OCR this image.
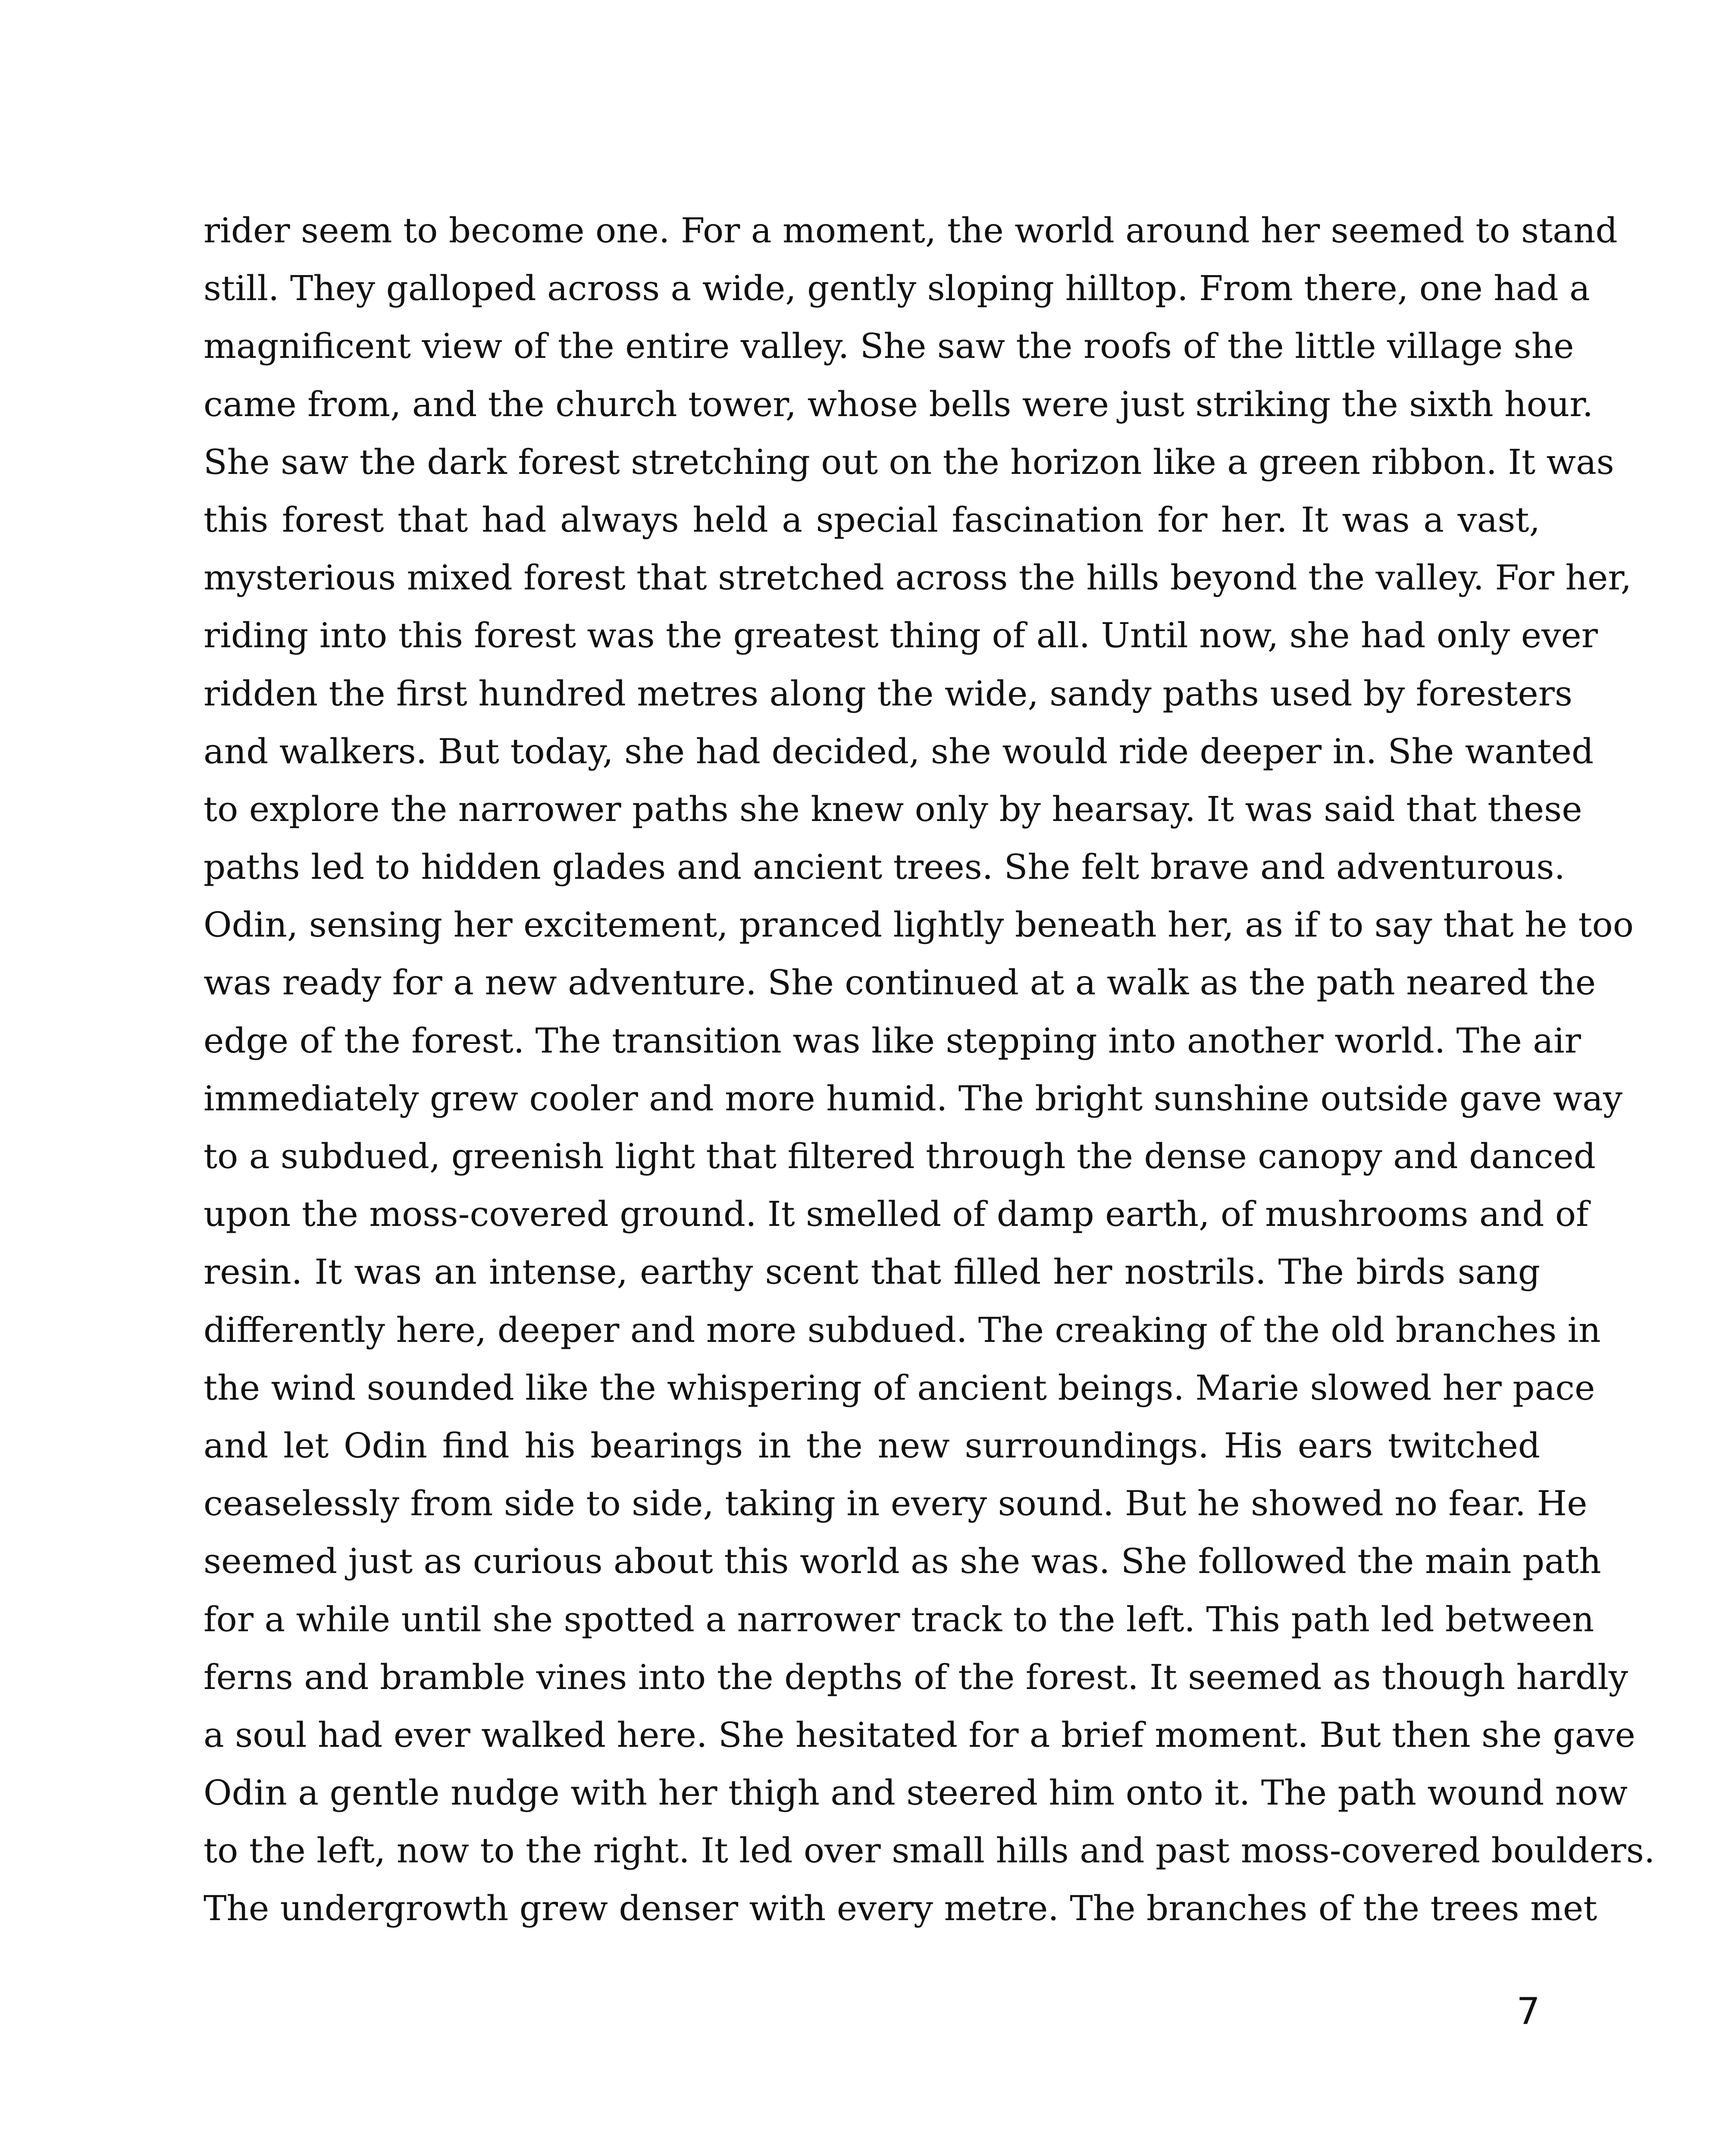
rider seem to become one. For a moment, the world around her seemed to stand
still. They galloped across a wide, gently sloping hilltop. From there, one had a
magnificent view of the entire valley. She saw the roofs of the little village she
came from, and the church tower, whose bells were just striking the sixth hour.
She saw the dark forest stretching out on the horizon like a green ribbon. It was
this forest that had always held a special fascination for her. It was a vast,
mysterious mixed forest that stretched across the hills beyond the valley. For her,
riding into this forest was the greatest thing of all. Until now, she had only ever
ridden the first hundred metres along the wide, sandy paths used by foresters
and walkers. But today, she had decided, she would ride deeper in. She wanted
to explore the narrower paths she knew only by hearsay. It was said that these
paths led to hidden glades and ancient trees. She felt brave and adventurous.
Odin, sensing her excitement, pranced lightly beneath her, as if to say that he too
was ready for a new adventure. She continued at a walk as the path neared the
edge of the forest. The transition was like stepping into another world. The air
immediately grew cooler and more humid. The bright sunshine outside gave way
to a subdued, greenish light that filtered through the dense canopy and danced
upon the moss-covered ground. It smelled of damp earth, of mushrooms and of
resin. It was an intense, earthy scent that filled her nostrils. The birds sang
differently here, deeper and more subdued. The creaking of the old branches in
the wind sounded like the whispering of ancient beings. Marie slowed her pace
and let Odin find his bearings in the new surroundings. His ears twitched
ceaselessly from side to side, taking in every sound. But he showed no fear. He
seemed just as curious about this world as she was. She followed the main path
for a while until she spotted a narrower track to the left. This path led between
ferns and bramble vines into the depths of the forest. It seemed as though hardly
a soul had ever walked here. She hesitated for a brief moment. But then she gave
Odin a gentle nudge with her thigh and steered him onto it. The path wound now
to the left, now to the right. It led over small hills and past moss-covered boulders.
The undergrowth grew denser with every metre. The branches of the trees met

7
